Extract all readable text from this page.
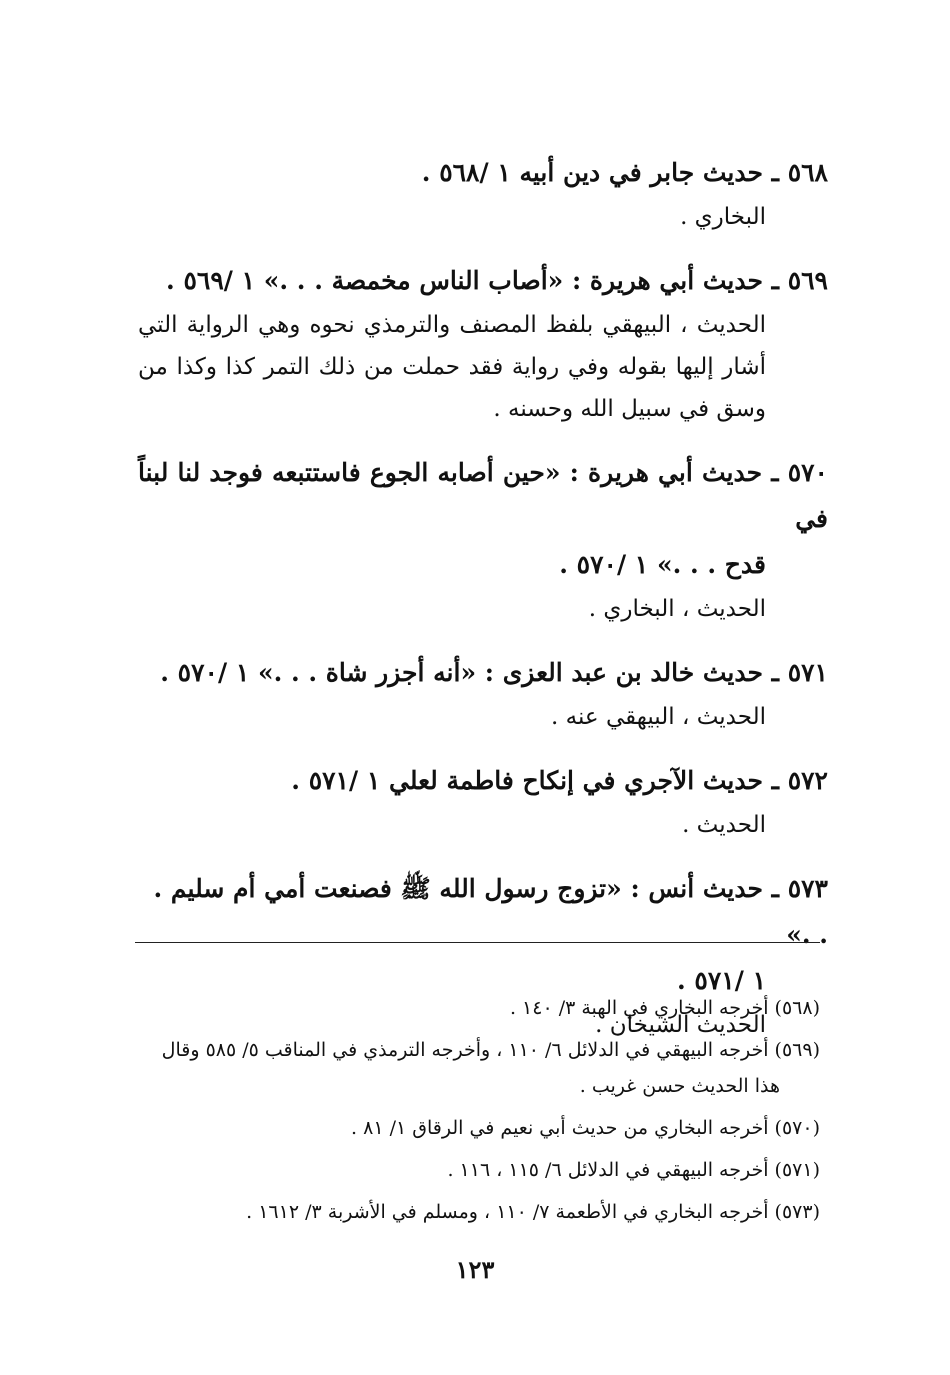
٥٦٨ ـ حديث جابر في دين أبيه ١ /٥٦٨ .
البخاري .
٥٦٩ ـ حديث أبي هريرة : «أصاب الناس مخمصة . . .» ١ /٥٦٩ .
الحديث ، البيهقي بلفظ المصنف والترمذي نحوه وهي الرواية التي أشار إليها بقوله وفي رواية فقد حملت من ذلك التمر كذا وكذا من وسق في سبيل الله وحسنه .
٥٧٠ ـ حديث أبي هريرة : «حين أصابه الجوع فاستتبعه فوجد لنا لبناً في
قدح . . .» ١ /٥٧٠ .
الحديث ، البخاري .
٥٧١ ـ حديث خالد بن عبد العزى : «أنه أجزر شاة . . .» ١ /٥٧٠ .
الحديث ، البيهقي عنه .
٥٧٢ ـ حديث الآجري في إنكاح فاطمة لعلي ١ /٥٧١ .
الحديث .
٥٧٣ ـ حديث أنس : «تزوج رسول الله ﷺ فصنعت أمي أم سليم . . .»
١ /٥٧١ .
الحديث الشيخان .
(٥٦٨) أخرجه البخاري في الهبة ٣/ ١٤٠ .
(٥٦٩) أخرجه البيهقي في الدلائل ٦/ ١١٠ ، وأخرجه الترمذي في المناقب ٥/ ٥٨٥ وقال
هذا الحديث حسن غريب .
(٥٧٠) أخرجه البخاري من حديث أبي نعيم في الرقاق ١/ ٨١ .
(٥٧١) أخرجه البيهقي في الدلائل ٦/ ١١٥ ، ١١٦ .
(٥٧٣) أخرجه البخاري في الأطعمة ٧/ ١١٠ ، ومسلم في الأشربة ٣/ ١٦١٢ .
١٢٣
